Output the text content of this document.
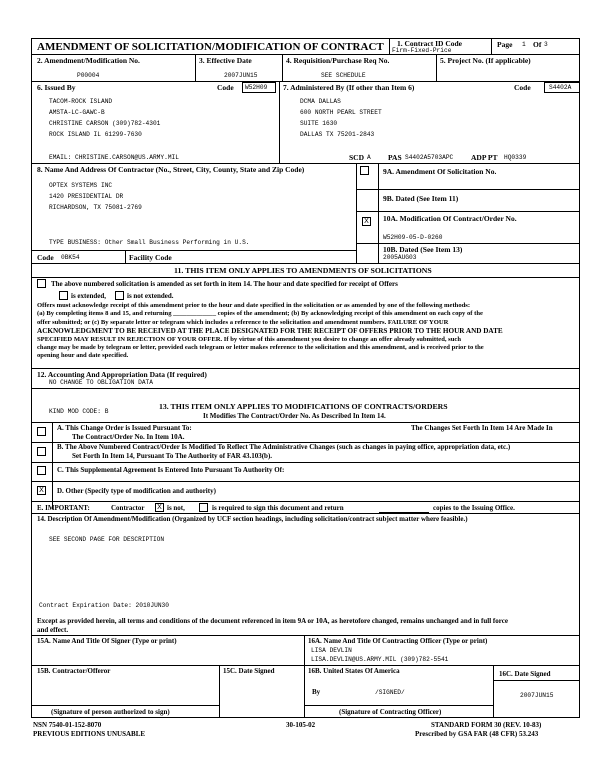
AMENDMENT OF SOLICITATION/MODIFICATION OF CONTRACT 1. Contract ID Code
Firm-Fixed-Price
Page 1 Of 3
2. Amendment/Modification No.
P00004
3. Effective Date
2007JUN15
4. Requisition/Purchase Req No.
SEE SCHEDULE
5. Project No. (If applicable)
6. Issued By	Code W52H09
TACOM-ROCK ISLAND
AMSTA-LC-GAWC-B
CHRISTINE CARSON (309)782-4301
ROCK ISLAND IL 61299-7630
EMAIL: CHRISTINE.CARSON@US.ARMY.MIL
7. Administered By (If other than Item 6)	Code	S4402A
DCMA DALLAS
600 NORTH PEARL STREET
SUITE 1630
DALLAS TX 75201-2843
SCD A PAS S4402A5703APC ADP PT HQ0339
8. Name And Address Of Contractor (No., Street, City, County, State and Zip Code)
OPTEX SYSTEMS INC
1420 PRESIDENTIAL DR
RICHARDSON, TX 75081-2769
TYPE BUSINESS: Other Small Business Performing in U.S.
9A. Amendment Of Solicitation No.
9B. Dated (See Item 11)
X 10A. Modification Of Contract/Order No.
W52H09-05-D-0260
10B. Dated (See Item 13)
2005AUG03
Code 0BK54	Facility Code
11. THIS ITEM ONLY APPLIES TO AMENDMENTS OF SOLICITATIONS
The above numbered solicitation is amended as set forth in item 14. The hour and date specified for receipt of Offers
is extended,	is not extended.
Offers must acknowledge receipt of this amendment prior to the hour and date specified in the solicitation or as amended by one of the following methods:
(a) By completing items 8 and 15, and returning _____________ copies of the amendment; (b) By acknowledging receipt of this amendment on each copy of the
offer submitted; or (c) By separate letter or telegram which includes a reference to the solicitation and amendment numbers. FAILURE OF YOUR
ACKNOWLEDGMENT TO BE RECEIVED AT THE PLACE DESIGNATED FOR THE RECEIPT OF OFFERS PRIOR TO THE HOUR AND DATE
SPECIFIED MAY RESULT IN REJECTION OF YOUR OFFER. If by virtue of this amendment you desire to change an offer already submitted, such
change may be made by telegram or letter, provided each telegram or letter makes reference to the solicitation and this amendment, and is received prior to the
opening hour and date specified.
12. Accounting And Appropriation Data (If required)
NO CHANGE TO OBLIGATION DATA
KIND MOD CODE: B
13. THIS ITEM ONLY APPLIES TO MODIFICATIONS OF CONTRACTS/ORDERS
It Modifies The Contract/Order No. As Described In Item 14.
A. This Change Order is Issued Pursuant To:
The Contract/Order No. In Item 10A.
The Changes Set Forth In Item 14 Are Made In
B. The Above Numbered Contract/Order Is Modified To Reflect The Administrative Changes (such as changes in paying office, appropriation data, etc.)
Set Forth In Item 14, Pursuant To The Authority of FAR 43.103(b).
C. This Supplemental Agreement Is Entered Into Pursuant To Authority Of:
X	D. Other (Specify type of modification and authority)
E. IMPORTANT:	Contractor	X is not,	is required to sign this document and return	copies to the Issuing Office.
14. Description Of Amendment/Modification (Organized by UCF section headings, including solicitation/contract subject matter where feasible.)
SEE SECOND PAGE FOR DESCRIPTION
Contract Expiration Date: 2010JUN30
Except as provided herein, all terms and conditions of the document referenced in item 9A or 10A, as heretofore changed, remains unchanged and in full force
and effect.
15A. Name And Title Of Signer (Type or print)	16A. Name And Title Of Contracting Officer (Type or print)
LISA DEVLIN
LISA.DEVLIN@US.ARMY.MIL (309)782-5541
15B. Contractor/Offeror	15C. Date Signed	16B. United States Of America	16C. Date Signed
2007JUN15
By	/SIGNED/
(Signature of person authorized to sign)	(Signature of Contracting Officer)
NSN 7540-01-152-8070
PREVIOUS EDITIONS UNUSABLE
30-105-02	STANDARD FORM 30 (REV. 10-83)
Prescribed by GSA FAR (48 CFR) 53.243
